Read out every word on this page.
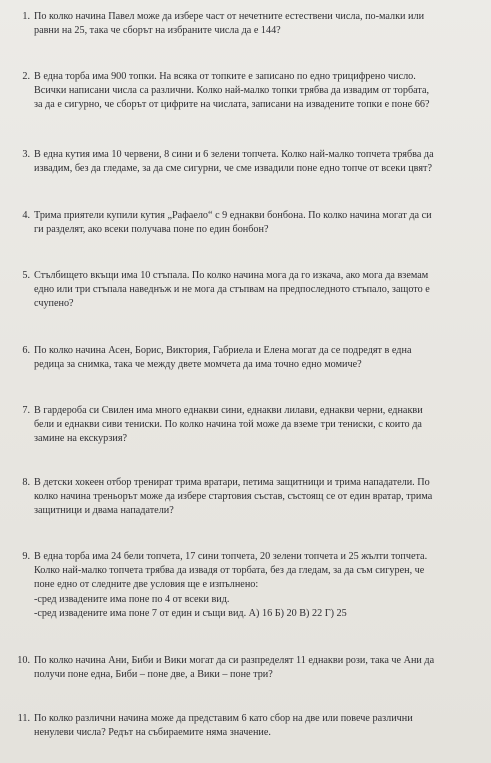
1. По колко начина Павел може да избере част от нечетните естествени числа, по-малки или
равни на 25, така че сборът на избраните числа да е 144?
2. В една торба има 900 топки. На всяка от топките е записано по едно трицифрено число.
Всички написани числа са различни. Колко най-малко топки трябва да извадим от торбата,
за да е сигурно, че сборът от цифрите на числата, записани на извадените топки е поне 66?
3. В една кутия има 10 червени, 8 сини и 6 зелени топчета. Колко най-малко топчета трябва да
извадим, без да гледаме, за да сме сигурни, че сме извадили поне едно топче от всеки цвят?
4. Трима приятели купили кутия „Рафаело“ с 9 еднакви бонбона. По колко начина могат да си
ги разделят, ако всеки получава поне по един бонбон?
5. Стълбището вкъщи има 10 стъпала. По колко начина мога да го изкача, ако мога да вземам
едно или три стъпала наведнъж и не мога да стъпвам на предпоследното стъпало, защото е
счупено?
6. По колко начина Асен, Борис, Виктория, Габриела и Елена могат да се подредят в една
редица за снимка, така че между двете момчета да има точно едно момиче?
7. В гардероба си Свилен има много еднакви сини, еднакви лилави, еднакви черни, еднакви
бели и еднакви сиви тениски. По колко начина той може да вземе три тениски, с които да
замине на екскурзия?
8. В детски хокеен отбор тренират трима вратари, петима защитници и трима нападатели. По
колко начина треньорът може да избере стартовия състав, състоящ се от един вратар, трима
защитници и двама нападатели?
9. В една торба има 24 бели топчета, 17 сини топчета, 20 зелени топчета и 25 жълти топчета.
Колко най-малко топчета трябва да извадя от торбата, без да гледам, за да съм сигурен, че
поне едно от следните две условия ще е изпълнено:
-сред извадените има поне по 4 от всеки вид.
-сред извадените има поне 7 от един и същи вид. А) 16 Б) 20 В) 22 Г) 25
10. По колко начина Ани, Биби и Вики могат да си разпределят 11 еднакви рози, така че Ани да
получи поне една, Биби – поне две, а Вики – поне три?
11. По колко различни начина може да представим 6 като сбор на две или повече различни
ненулеви числа? Редът на събираемите няма значение.
